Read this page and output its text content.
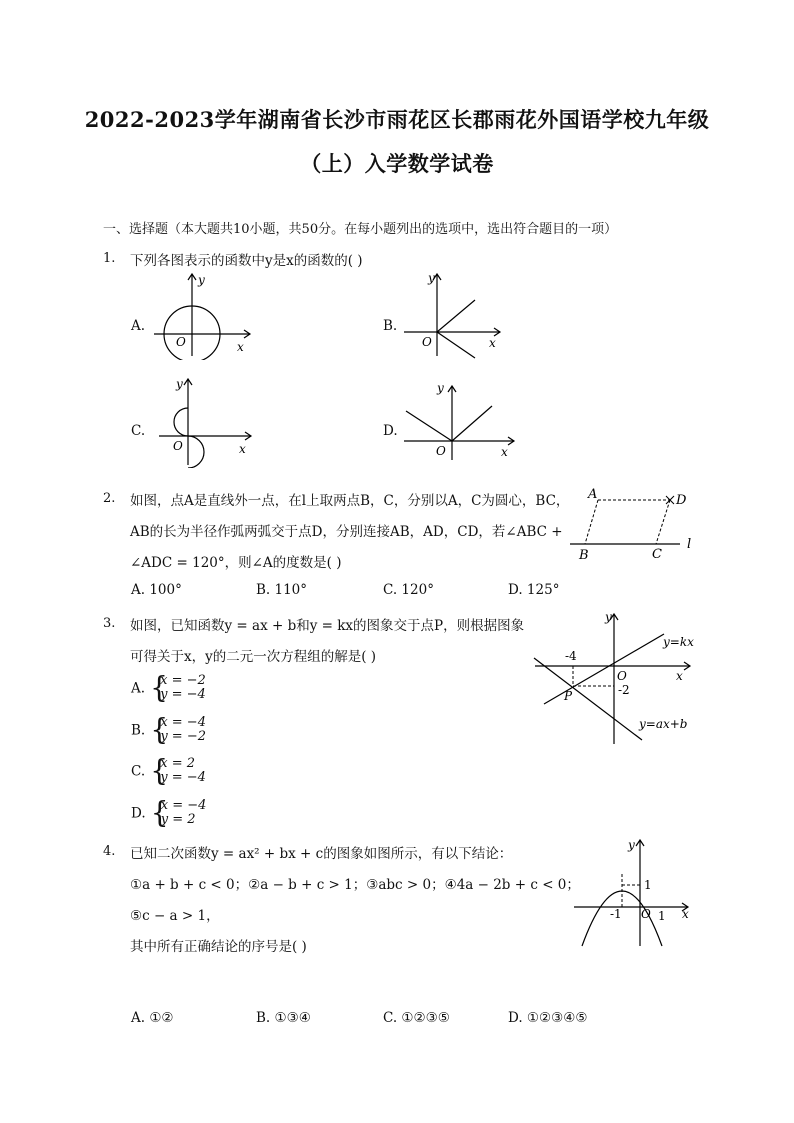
2022-2023学年湖南省长沙市雨花区长郡雨花外国语学校九年级
（上）入学数学试卷
一、选择题（本大题共10小题，共50分。在每小题列出的选项中，选出符合题目的一项）
1. 下列各图表示的函数中y是x的函数的( )
A.
y
x
O
B.
y
x
O
C.
y
x
O
D.
y
x
O
2. 如图，点A是直线外一点，在l上取两点B，C，分别以A，C为圆心，BC，
AB的长为半径作弧两弧交于点D，分别连接AB，AD，CD，若∠ABC +
∠ADC = 120°，则∠A的度数是( )
A. 100°	B. 110°	C. 120°	D. 125°
A	D
B	C
l
3. 如图，已知函数y = ax + b和y = kx的图象交于点P，则根据图象
可得关于x，y的二元一次方程组的解是( )
A. {
x = −2
y = −4
B. {
x = −4
y = −2
C. {
x = 2
y = −4
D. {
x = −4
y = 2
y
x
O
-4
-2
P
y=kx
y=ax+b
4. 已知二次函数y = ax² + bx + c的图象如图所示，有以下结论：
①a + b + c < 0；②a − b + c > 1；③abc > 0；④4a − 2b + c < 0；
⑤c − a > 1，
其中所有正确结论的序号是( )
A. ①②	B. ①③④	C. ①②③⑤	D. ①②③④⑤
y
x
O
1
-1	1
